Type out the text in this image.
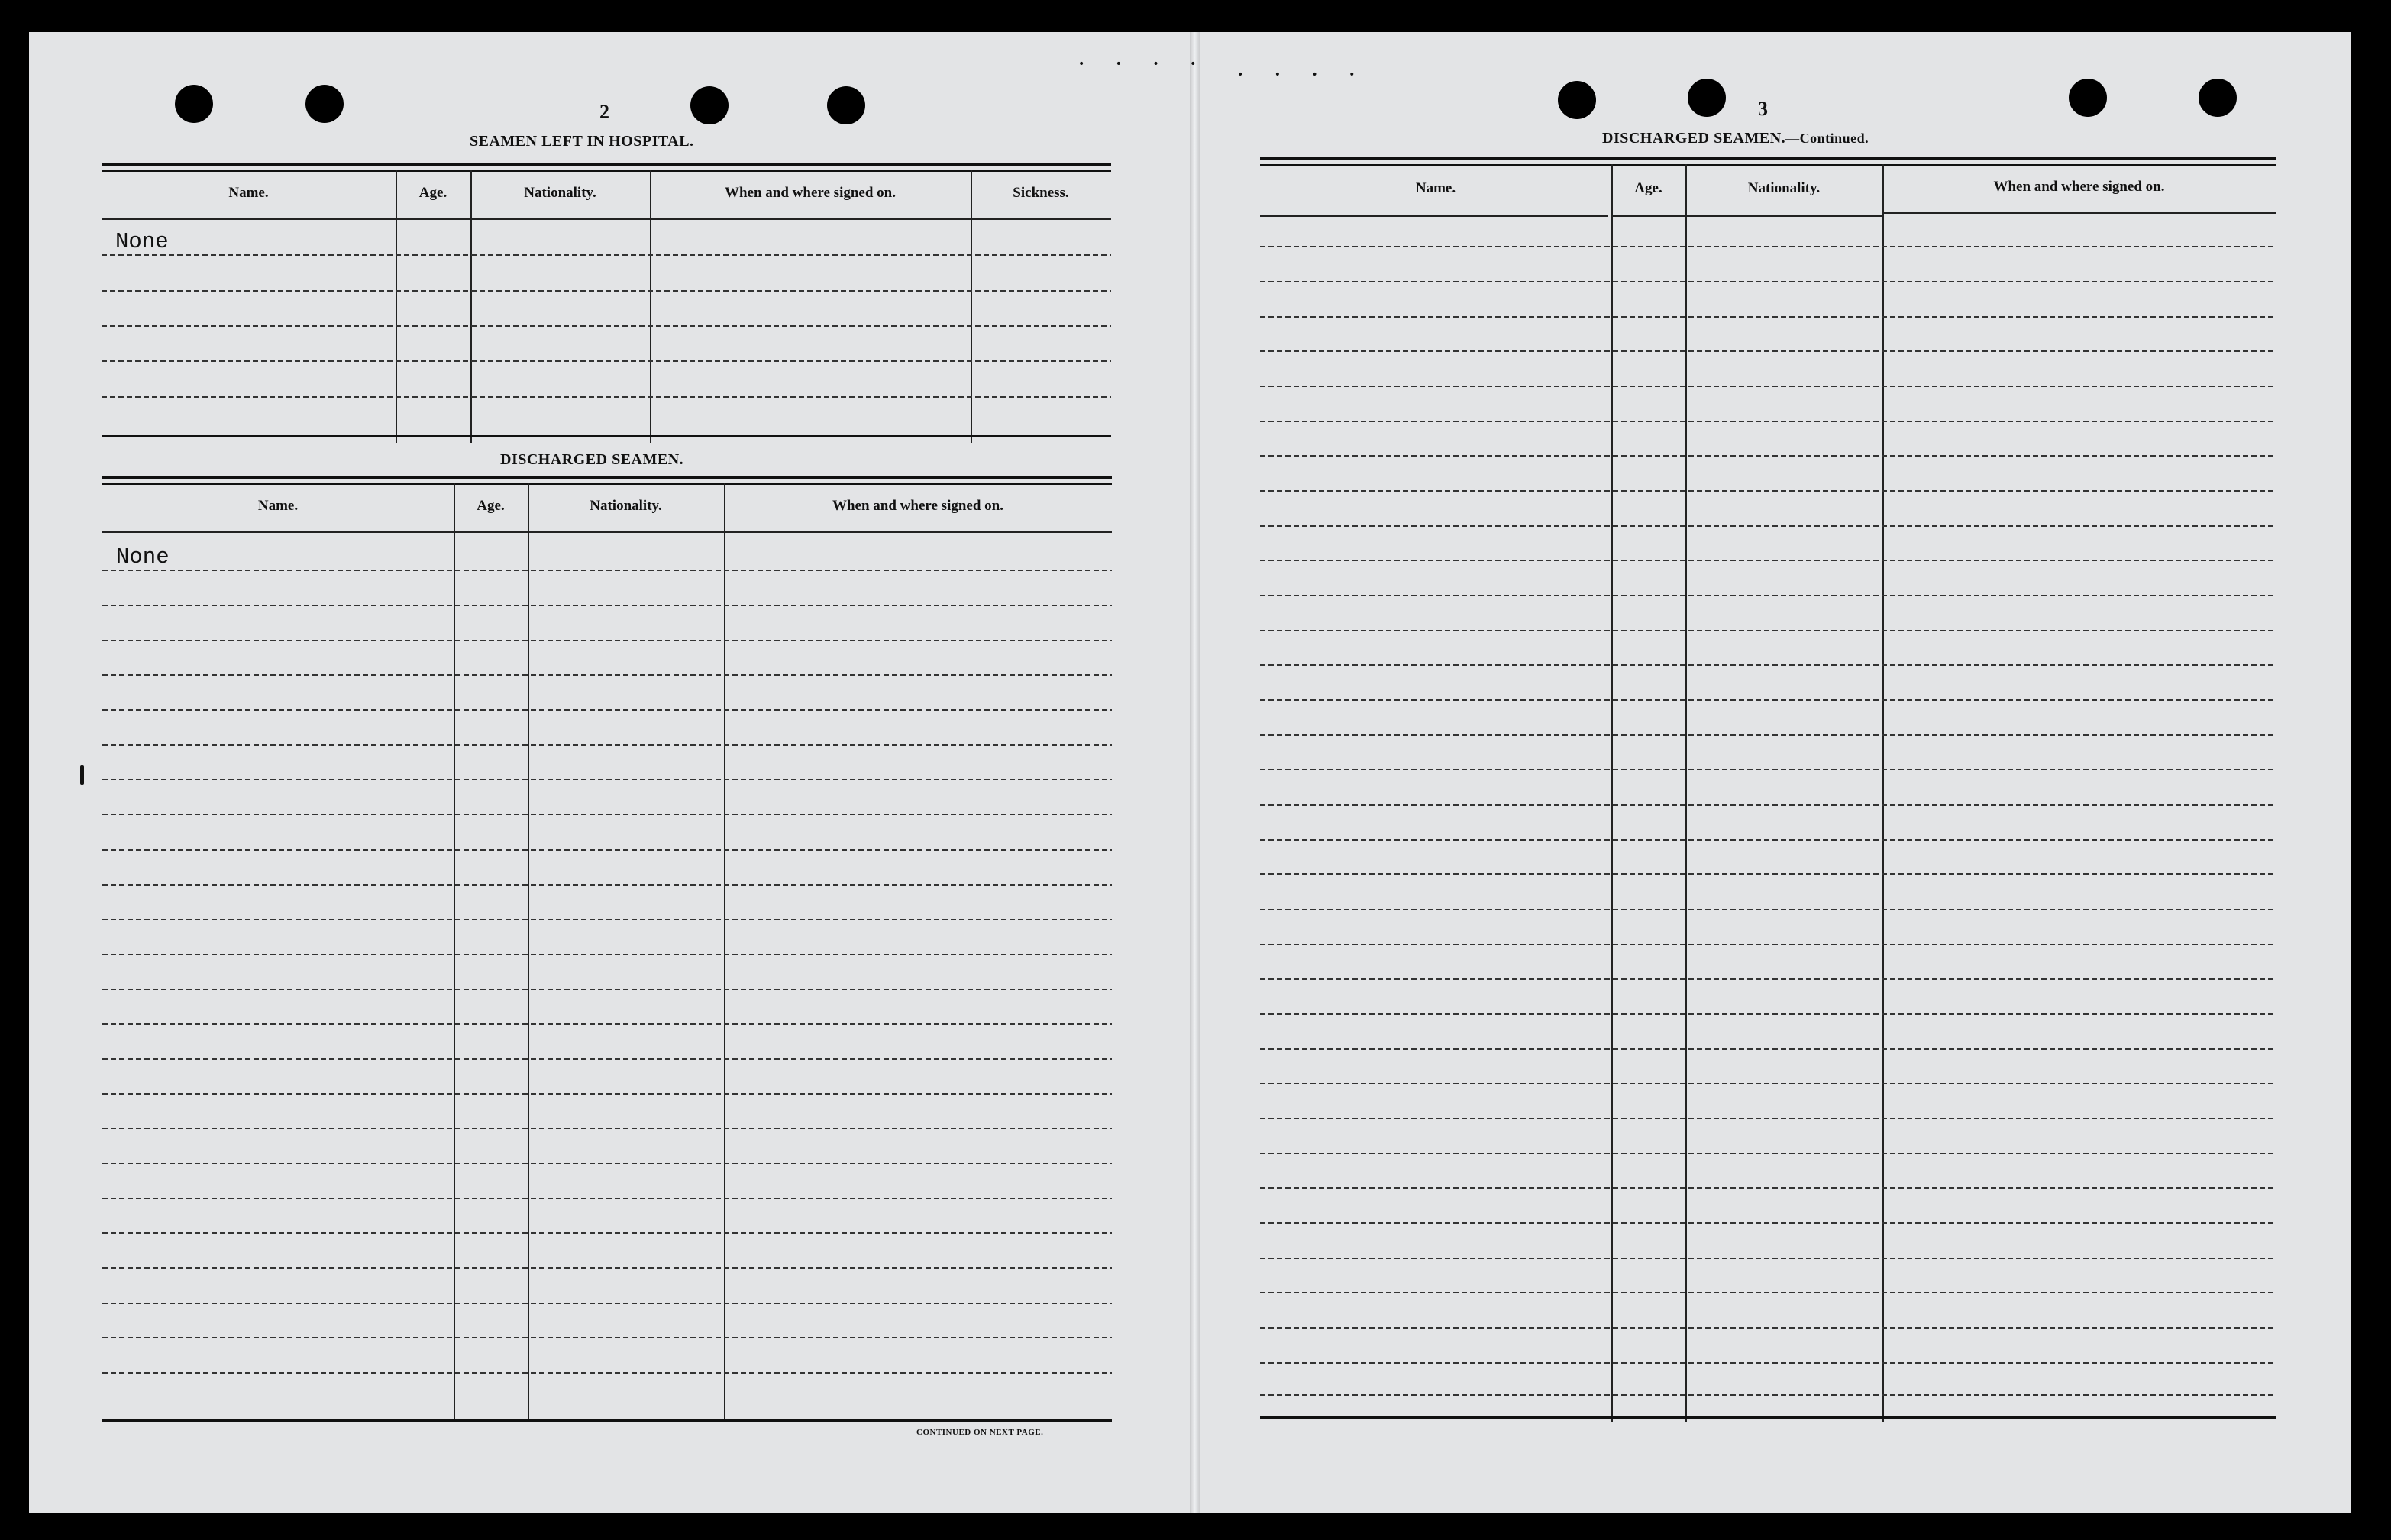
• • • •
• • • •
2
SEAMEN LEFT IN HOSPITAL.
Name.	Age.	Nationality.	When and where signed on.	Sickness.
None
DISCHARGED SEAMEN.
Name.	Age.	Nationality.	When and where signed on.
None
CONTINUED ON NEXT PAGE.
3
DISCHARGED SEAMEN.—Continued.
Name.	Age.	Nationality.	When and where signed on.
